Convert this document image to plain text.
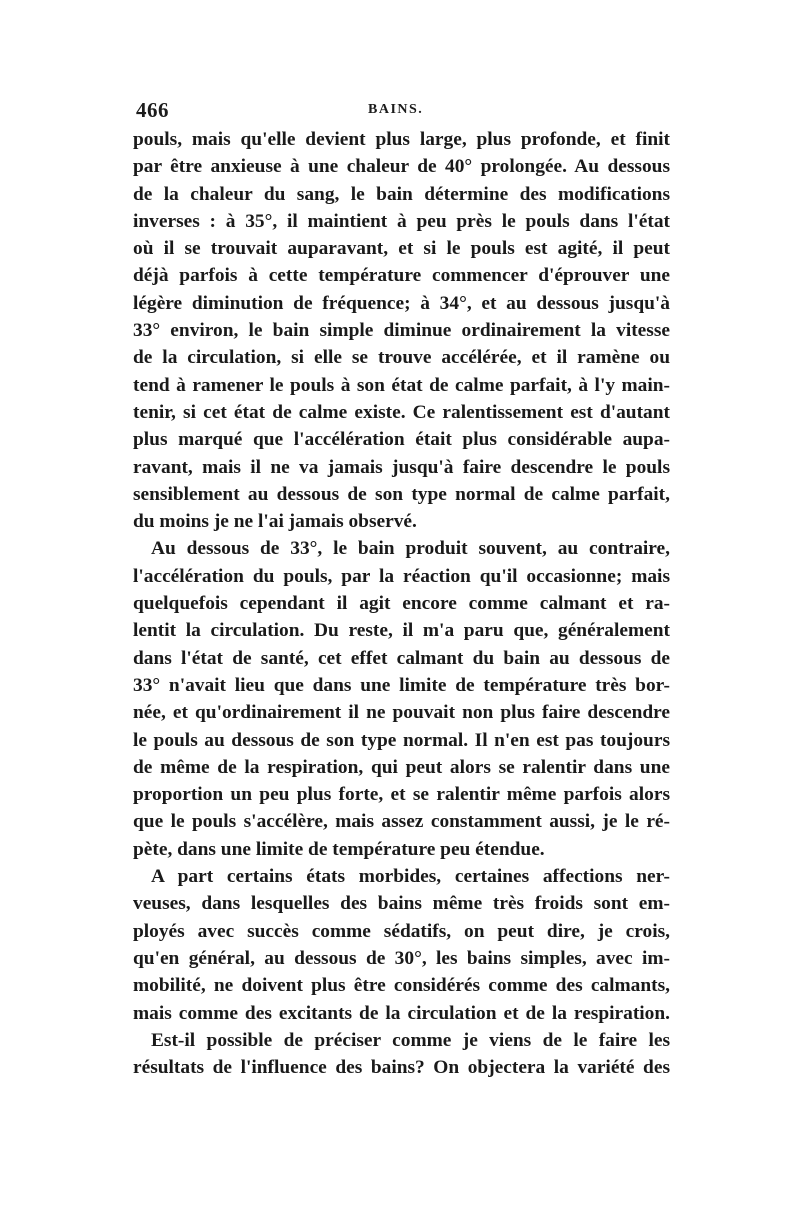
466	BAINS.
pouls, mais qu'elle devient plus large, plus profonde, et finit
par être anxieuse à une chaleur de 40° prolongée. Au dessous
de la chaleur du sang, le bain détermine des modifications
inverses : à 35°, il maintient à peu près le pouls dans l'état
où il se trouvait auparavant, et si le pouls est agité, il peut
déjà parfois à cette température commencer d'éprouver une
légère diminution de fréquence; à 34°, et au dessous jusqu'à
33° environ, le bain simple diminue ordinairement la vitesse
de la circulation, si elle se trouve accélérée, et il ramène ou
tend à ramener le pouls à son état de calme parfait, à l'y main-
tenir, si cet état de calme existe. Ce ralentissement est d'autant
plus marqué que l'accélération était plus considérable aupa-
ravant, mais il ne va jamais jusqu'à faire descendre le pouls
sensiblement au dessous de son type normal de calme parfait,
du moins je ne l'ai jamais observé.
Au dessous de 33°, le bain produit souvent, au contraire,
l'accélération du pouls, par la réaction qu'il occasionne; mais
quelquefois cependant il agit encore comme calmant et ra-
lentit la circulation. Du reste, il m'a paru que, généralement
dans l'état de santé, cet effet calmant du bain au dessous de
33° n'avait lieu que dans une limite de température très bor-
née, et qu'ordinairement il ne pouvait non plus faire descendre
le pouls au dessous de son type normal. Il n'en est pas toujours
de même de la respiration, qui peut alors se ralentir dans une
proportion un peu plus forte, et se ralentir même parfois alors
que le pouls s'accélère, mais assez constamment aussi, je le ré-
pète, dans une limite de température peu étendue.
A part certains états morbides, certaines affections ner-
veuses, dans lesquelles des bains même très froids sont em-
ployés avec succès comme sédatifs, on peut dire, je crois,
qu'en général, au dessous de 30°, les bains simples, avec im-
mobilité, ne doivent plus être considérés comme des calmants,
mais comme des excitants de la circulation et de la respiration.
Est-il possible de préciser comme je viens de le faire les
résultats de l'influence des bains? On objectera la variété des
